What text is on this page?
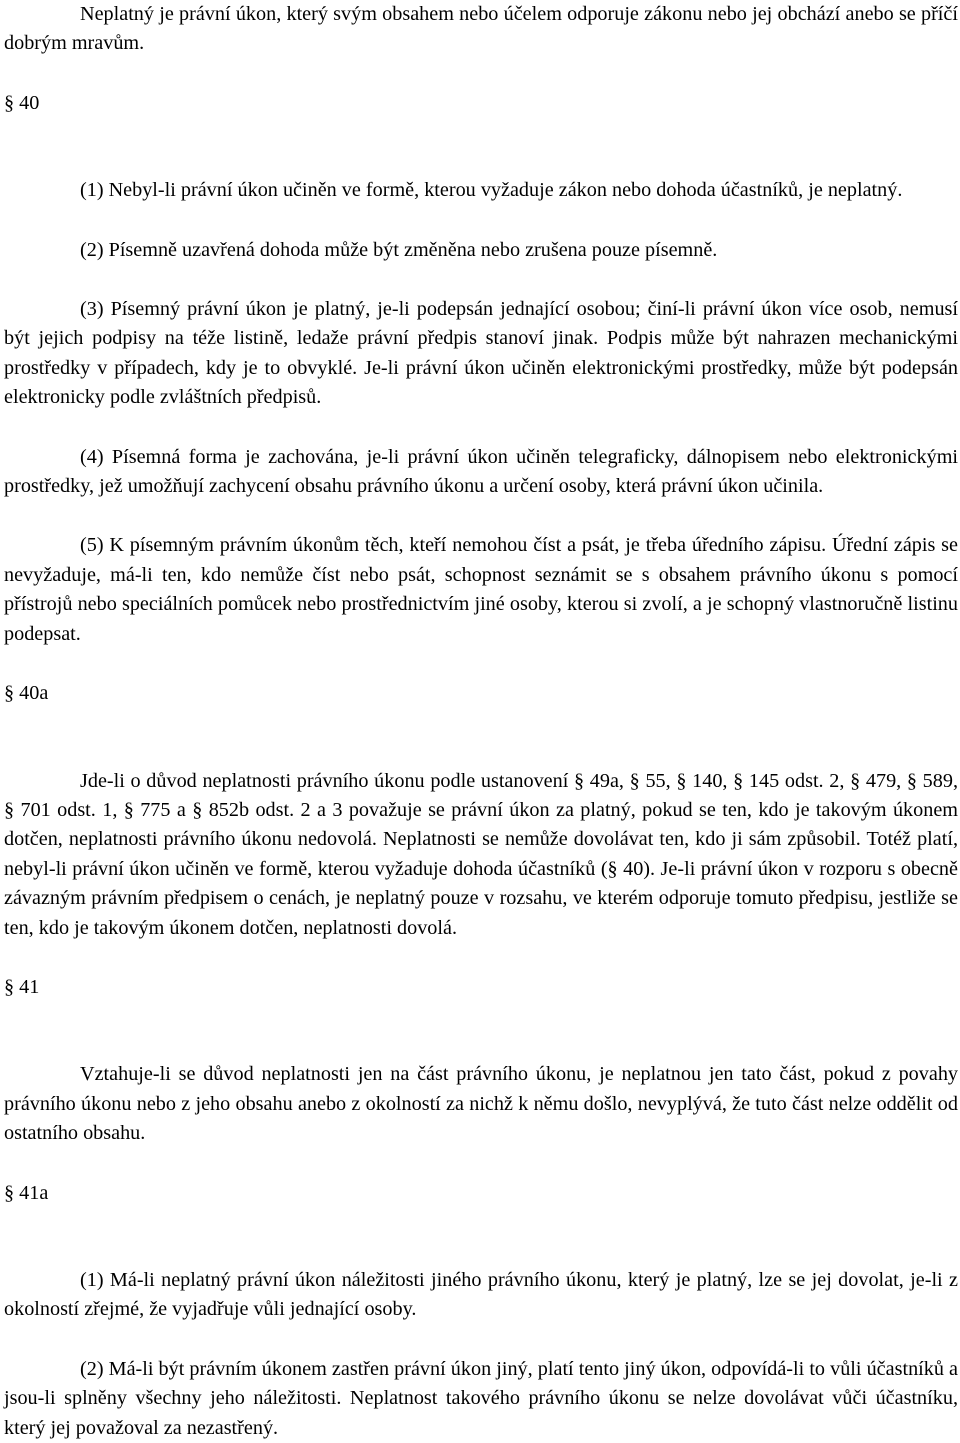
Neplatný je právní úkon, který svým obsahem nebo účelem odporuje zákonu nebo jej obchází anebo se příčí dobrým mravům.

§ 40

(1) Nebyl-li právní úkon učiněn ve formě, kterou vyžaduje zákon nebo dohoda účastníků, je neplatný.

(2) Písemně uzavřená dohoda může být změněna nebo zrušena pouze písemně.

(3) Písemný právní úkon je platný, je-li podepsán jednající osobou; činí-li právní úkon více osob, nemusí být jejich podpisy na téže listině, ledaže právní předpis stanoví jinak. Podpis může být nahrazen mechanickými prostředky v případech, kdy je to obvyklé. Je-li právní úkon učiněn elektronickými prostředky, může být podepsán elektronicky podle zvláštních předpisů.

(4) Písemná forma je zachována, je-li právní úkon učiněn telegraficky, dálnopisem nebo elektronickými prostředky, jež umožňují zachycení obsahu právního úkonu a určení osoby, která právní úkon učinila.

(5) K písemným právním úkonům těch, kteří nemohou číst a psát, je třeba úředního zápisu. Úřední zápis se nevyžaduje, má-li ten, kdo nemůže číst nebo psát, schopnost seznámit se s obsahem právního úkonu s pomocí přístrojů nebo speciálních pomůcek nebo prostřednictvím jiné osoby, kterou si zvolí, a je schopný vlastnoručně listinu podepsat.

§ 40a

Jde-li o důvod neplatnosti právního úkonu podle ustanovení § 49a, § 55, § 140, § 145 odst. 2, § 479, § 589, § 701 odst. 1, § 775 a § 852b odst. 2 a 3 považuje se právní úkon za platný, pokud se ten, kdo je takovým úkonem dotčen, neplatnosti právního úkonu nedovolá. Neplatnosti se nemůže dovolávat ten, kdo ji sám způsobil. Totéž platí, nebyl-li právní úkon učiněn ve formě, kterou vyžaduje dohoda účastníků (§ 40). Je-li právní úkon v rozporu s obecně závazným právním předpisem o cenách, je neplatný pouze v rozsahu, ve kterém odporuje tomuto předpisu, jestliže se ten, kdo je takovým úkonem dotčen, neplatnosti dovolá.

§ 41

Vztahuje-li se důvod neplatnosti jen na část právního úkonu, je neplatnou jen tato část, pokud z povahy právního úkonu nebo z jeho obsahu anebo z okolností za nichž k němu došlo, nevyplývá, že tuto část nelze oddělit od ostatního obsahu.

§ 41a

(1) Má-li neplatný právní úkon náležitosti jiného právního úkonu, který je platný, lze se jej dovolat, je-li z okolností zřejmé, že vyjadřuje vůli jednající osoby.

(2) Má-li být právním úkonem zastřen právní úkon jiný, platí tento jiný úkon, odpovídá-li to vůli účastníků a jsou-li splněny všechny jeho náležitosti. Neplatnost takového právního úkonu se nelze dovolávat vůči účastníku, který jej považoval za nezastřený.
